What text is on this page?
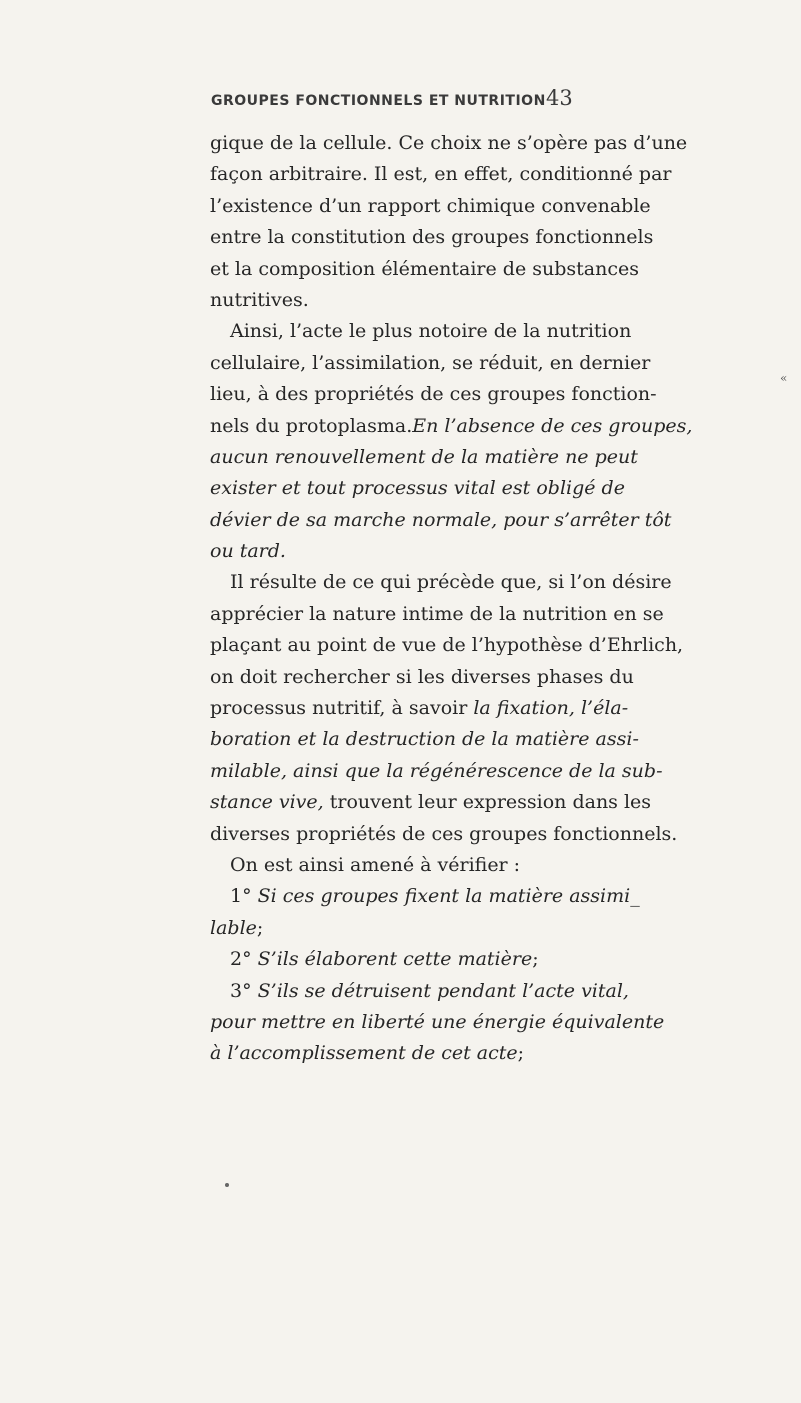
GROUPES FONCTIONNELS ET NUTRITION 43
«
gique de la cellule. Ce choix ne s’opère pas d’une
façon arbitraire. Il est, en effet, conditionné par
l’existence d’un rapport chimique convenable
entre la constitution des groupes fonctionnels
et la composition élémentaire de substances
nutritives.
Ainsi, l’acte le plus notoire de la nutrition
cellulaire, l’assimilation, se réduit, en dernier
lieu, à des propriétés de ces groupes fonction-
nels du protoplasma.En l’absence de ces groupes,
aucun renouvellement de la matière ne peut
exister et tout processus vital est obligé de
dévier de sa marche normale, pour s’arrêter tôt
ou tard.
Il résulte de ce qui précède que, si l’on désire
apprécier la nature intime de la nutrition en se
plaçant au point de vue de l’hypothèse d’Ehrlich,
on doit rechercher si les diverses phases du
processus nutritif, à savoir la fixation, l’éla-
boration et la destruction de la matière assi-
milable, ainsi que la régénérescence de la sub-
stance vive, trouvent leur expression dans les
diverses propriétés de ces groupes fonctionnels.
On est ainsi amené à vérifier :
1° Si ces groupes fixent la matière assimi_
lable;
2° S’ils élaborent cette matière;
3° S’ils se détruisent pendant l’acte vital,
pour mettre en liberté une énergie équivalente
à l’accomplissement de cet acte;
